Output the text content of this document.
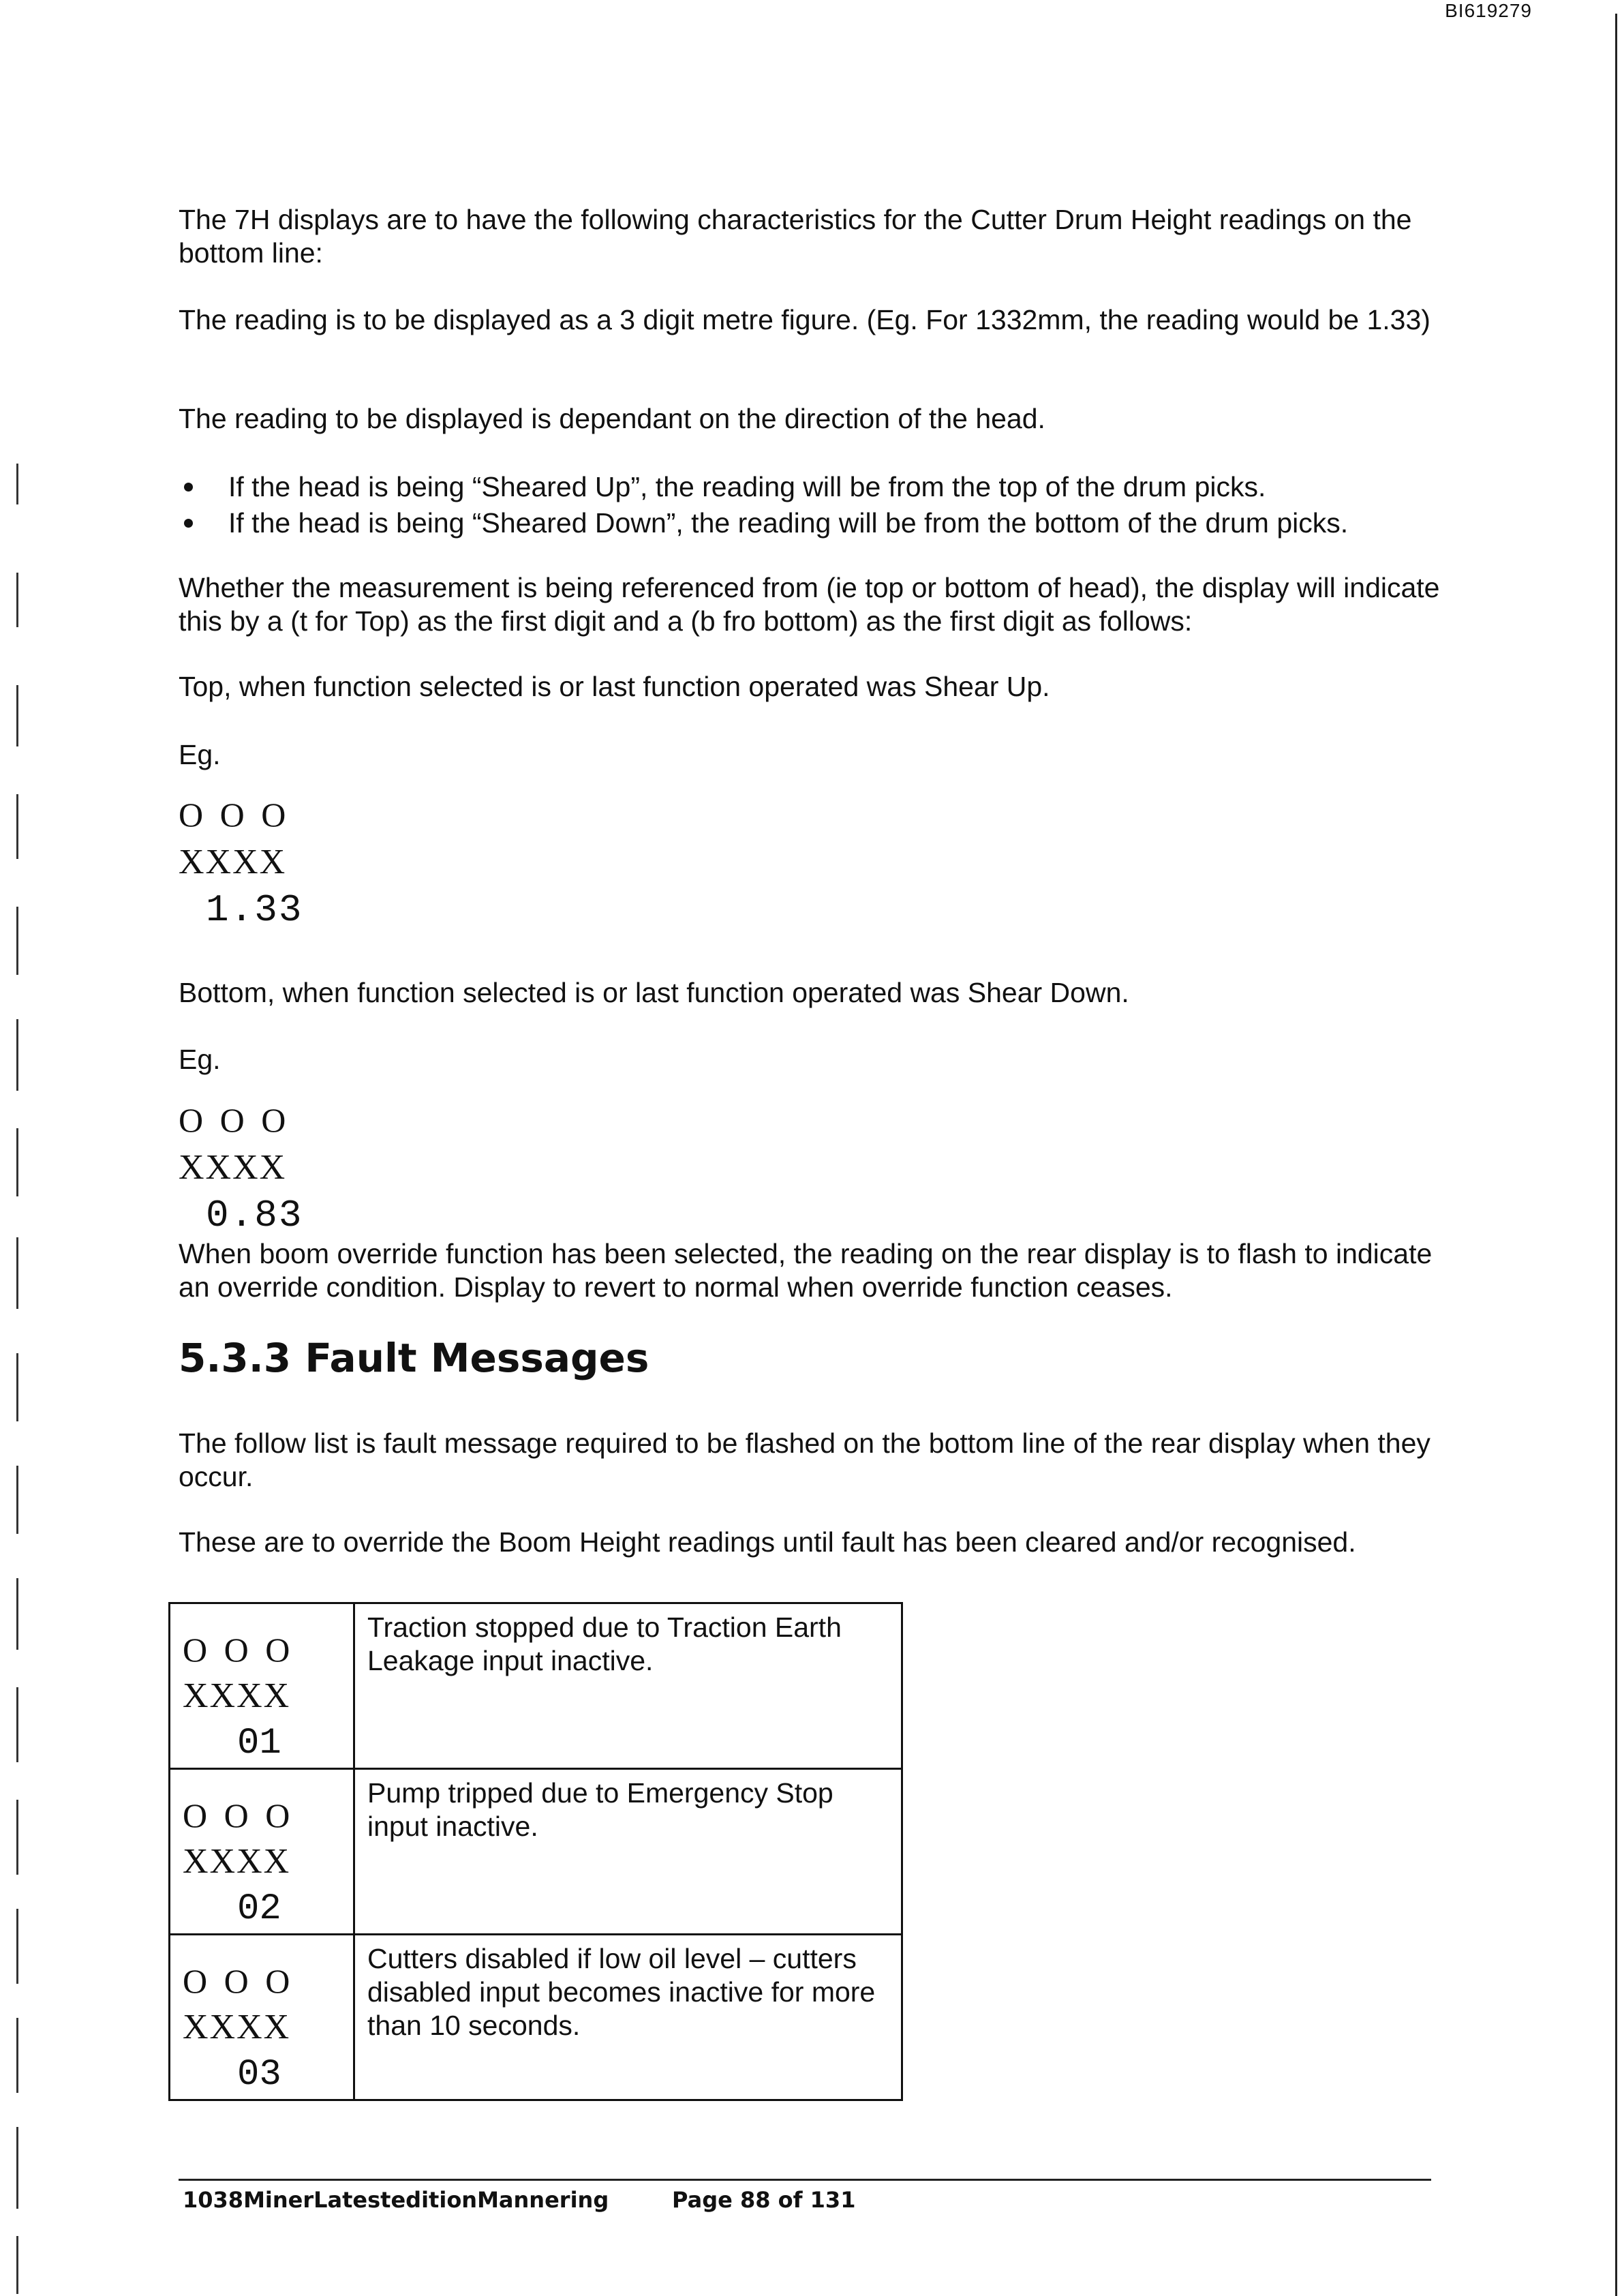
BI619279
The 7H displays are to have the following characteristics for the Cutter Drum Height readings on the bottom line:
The reading is to be displayed as a 3 digit metre figure. (Eg. For 1332mm, the reading would be 1.33)
The reading to be displayed is dependant on the direction of the head.
If the head is being “Sheared Up”, the reading will be from the top of the drum picks.
If the head is being “Sheared Down”, the reading will be from the bottom of the drum picks.
Whether the measurement is being referenced from (ie top or bottom of head), the display will indicate this by a (t for Top) as the first digit and a (b fro bottom) as the first digit as follows:
Top, when function selected is or last function operated was Shear Up.
Eg.
O O O
XXXX
1.33
Bottom, when function selected is or last function operated was Shear Down.
Eg.
O O O
XXXX
0.83
When boom override function has been selected, the reading on the rear display is to flash to indicate an override condition. Display to revert to normal when override function ceases.
5.3.3 Fault Messages
The follow list is fault message required to be flashed on the bottom line of the rear display when they occur.
These are to override the Boom Height readings until fault has been cleared and/or recognised.
O O O
XXXX
01	Traction stopped due to Traction Earth Leakage input inactive.

O O O
XXXX
02	Pump tripped due to Emergency Stop input inactive.

O O O
XXXX
03	Cutters disabled if low oil level – cutters disabled input becomes inactive for more than 10 seconds.
1038MinerLatesteditionMannering	Page 88 of 131
